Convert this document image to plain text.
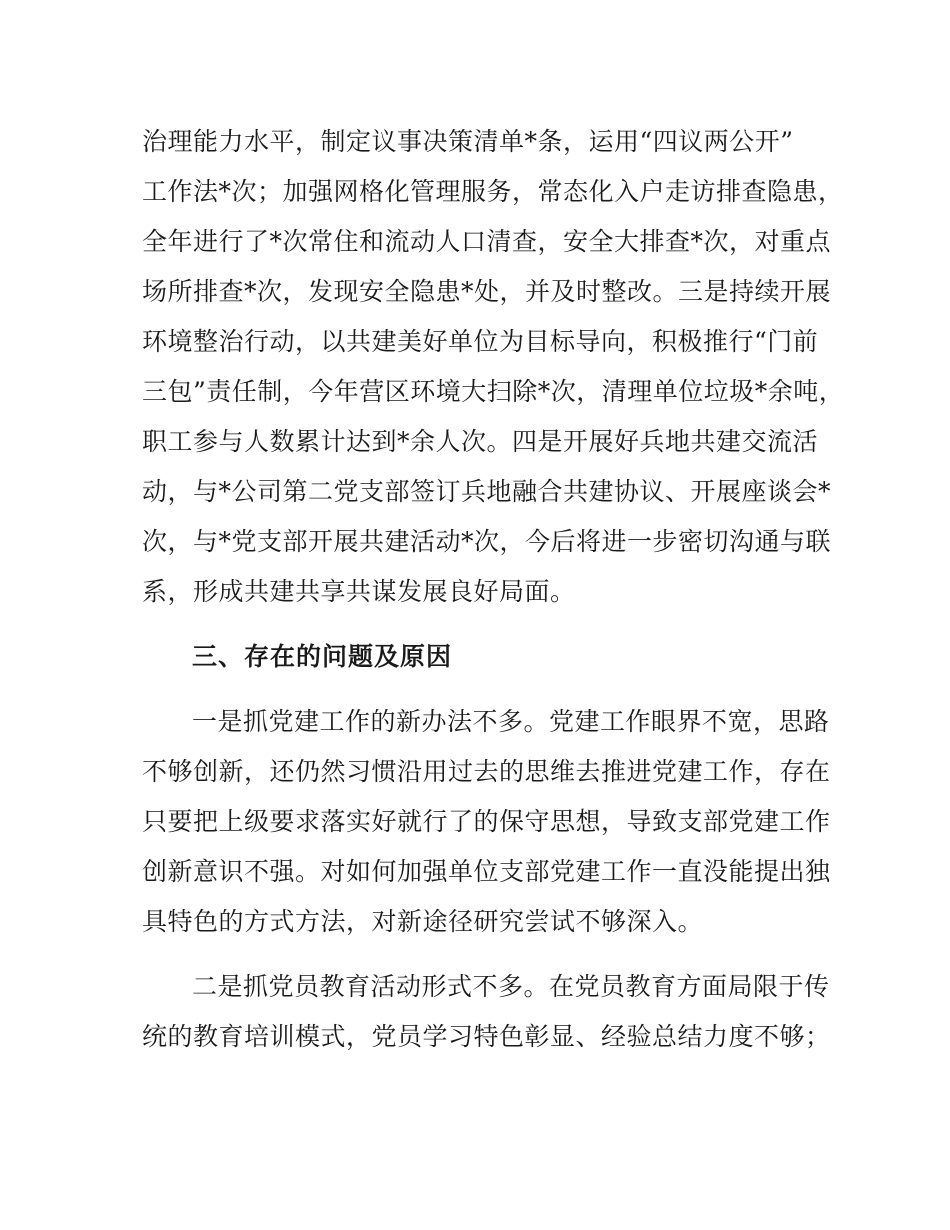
治理能力水平，制定议事决策清单*条，运用“四议两公开”
工作法*次；加强网格化管理服务，常态化入户走访排查隐患，
全年进行了*次常住和流动人口清查，安全大排查*次，对重点
场所排查*次，发现安全隐患*处，并及时整改。三是持续开展
环境整治行动，以共建美好单位为目标导向，积极推行“门前
三包”责任制，今年营区环境大扫除*次，清理单位垃圾*余吨，
职工参与人数累计达到*余人次。四是开展好兵地共建交流活
动，与*公司第二党支部签订兵地融合共建协议、开展座谈会*
次，与*党支部开展共建活动*次，今后将进一步密切沟通与联
系，形成共建共享共谋发展良好局面。
三、存在的问题及原因
一是抓党建工作的新办法不多。党建工作眼界不宽，思路
不够创新，还仍然习惯沿用过去的思维去推进党建工作，存在
只要把上级要求落实好就行了的保守思想，导致支部党建工作
创新意识不强。对如何加强单位支部党建工作一直没能提出独
具特色的方式方法，对新途径研究尝试不够深入。
二是抓党员教育活动形式不多。在党员教育方面局限于传
统的教育培训模式，党员学习特色彰显、经验总结力度不够；
